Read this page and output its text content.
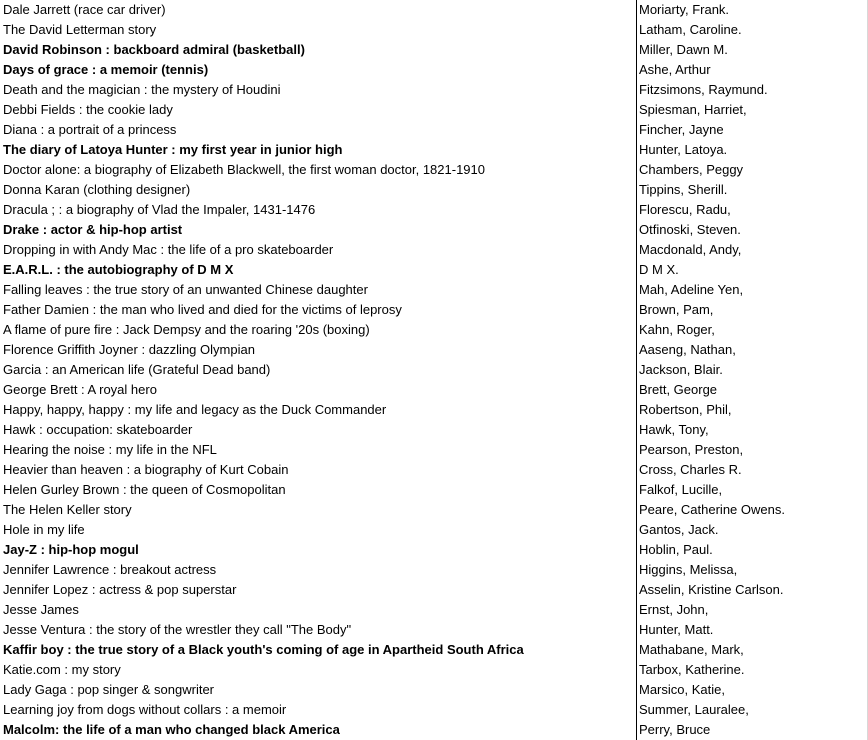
Dale Jarrett (race car driver)	Moriarty, Frank.
The David Letterman story	Latham, Caroline.
David Robinson : backboard admiral (basketball)	Miller, Dawn M.
Days of grace : a memoir (tennis)	Ashe, Arthur
Death and the magician : the mystery of Houdini	Fitzsimons, Raymund.
Debbi Fields : the cookie lady	Spiesman, Harriet,
Diana : a portrait of a princess	Fincher, Jayne
The diary of Latoya Hunter : my first year in junior high	Hunter, Latoya.
Doctor alone: a biography of Elizabeth Blackwell, the first woman doctor, 1821-1910	Chambers, Peggy
Donna Karan (clothing designer)	Tippins, Sherill.
Dracula ; : a biography of Vlad the Impaler, 1431-1476	Florescu, Radu,
Drake : actor & hip-hop artist	Otfinoski, Steven.
Dropping in with Andy Mac : the life of a pro skateboarder	Macdonald, Andy,
E.A.R.L. : the autobiography of D M X	D M X.
Falling leaves : the true story of an unwanted Chinese daughter	Mah, Adeline Yen,
Father Damien : the man who lived and died for the victims of leprosy	Brown, Pam,
A flame of pure fire : Jack Dempsy and the roaring '20s (boxing)	Kahn, Roger,
Florence Griffith Joyner : dazzling Olympian	Aaseng, Nathan,
Garcia : an American life (Grateful Dead band)	Jackson, Blair.
George Brett : A royal hero	Brett, George
Happy, happy, happy : my life and legacy as the Duck Commander	Robertson, Phil,
Hawk : occupation: skateboarder	Hawk, Tony,
Hearing the noise : my life in the NFL	Pearson, Preston,
Heavier than heaven : a biography of Kurt Cobain	Cross, Charles R.
Helen Gurley Brown : the queen of Cosmopolitan	Falkof, Lucille,
The Helen Keller story	Peare, Catherine Owens.
Hole in my life	Gantos, Jack.
Jay-Z : hip-hop mogul	Hoblin, Paul.
Jennifer Lawrence : breakout actress	Higgins, Melissa,
Jennifer Lopez : actress & pop superstar	Asselin, Kristine Carlson.
Jesse James	Ernst, John,
Jesse Ventura : the story of the wrestler they call "The Body"	Hunter, Matt.
Kaffir boy : the true story of a Black youth's coming of age in Apartheid South Africa	Mathabane, Mark,
Katie.com : my story	Tarbox, Katherine.
Lady Gaga : pop singer & songwriter	Marsico, Katie,
Learning joy from dogs without collars : a memoir	Summer, Lauralee,
Malcolm: the life of a man who changed black America	Perry, Bruce
